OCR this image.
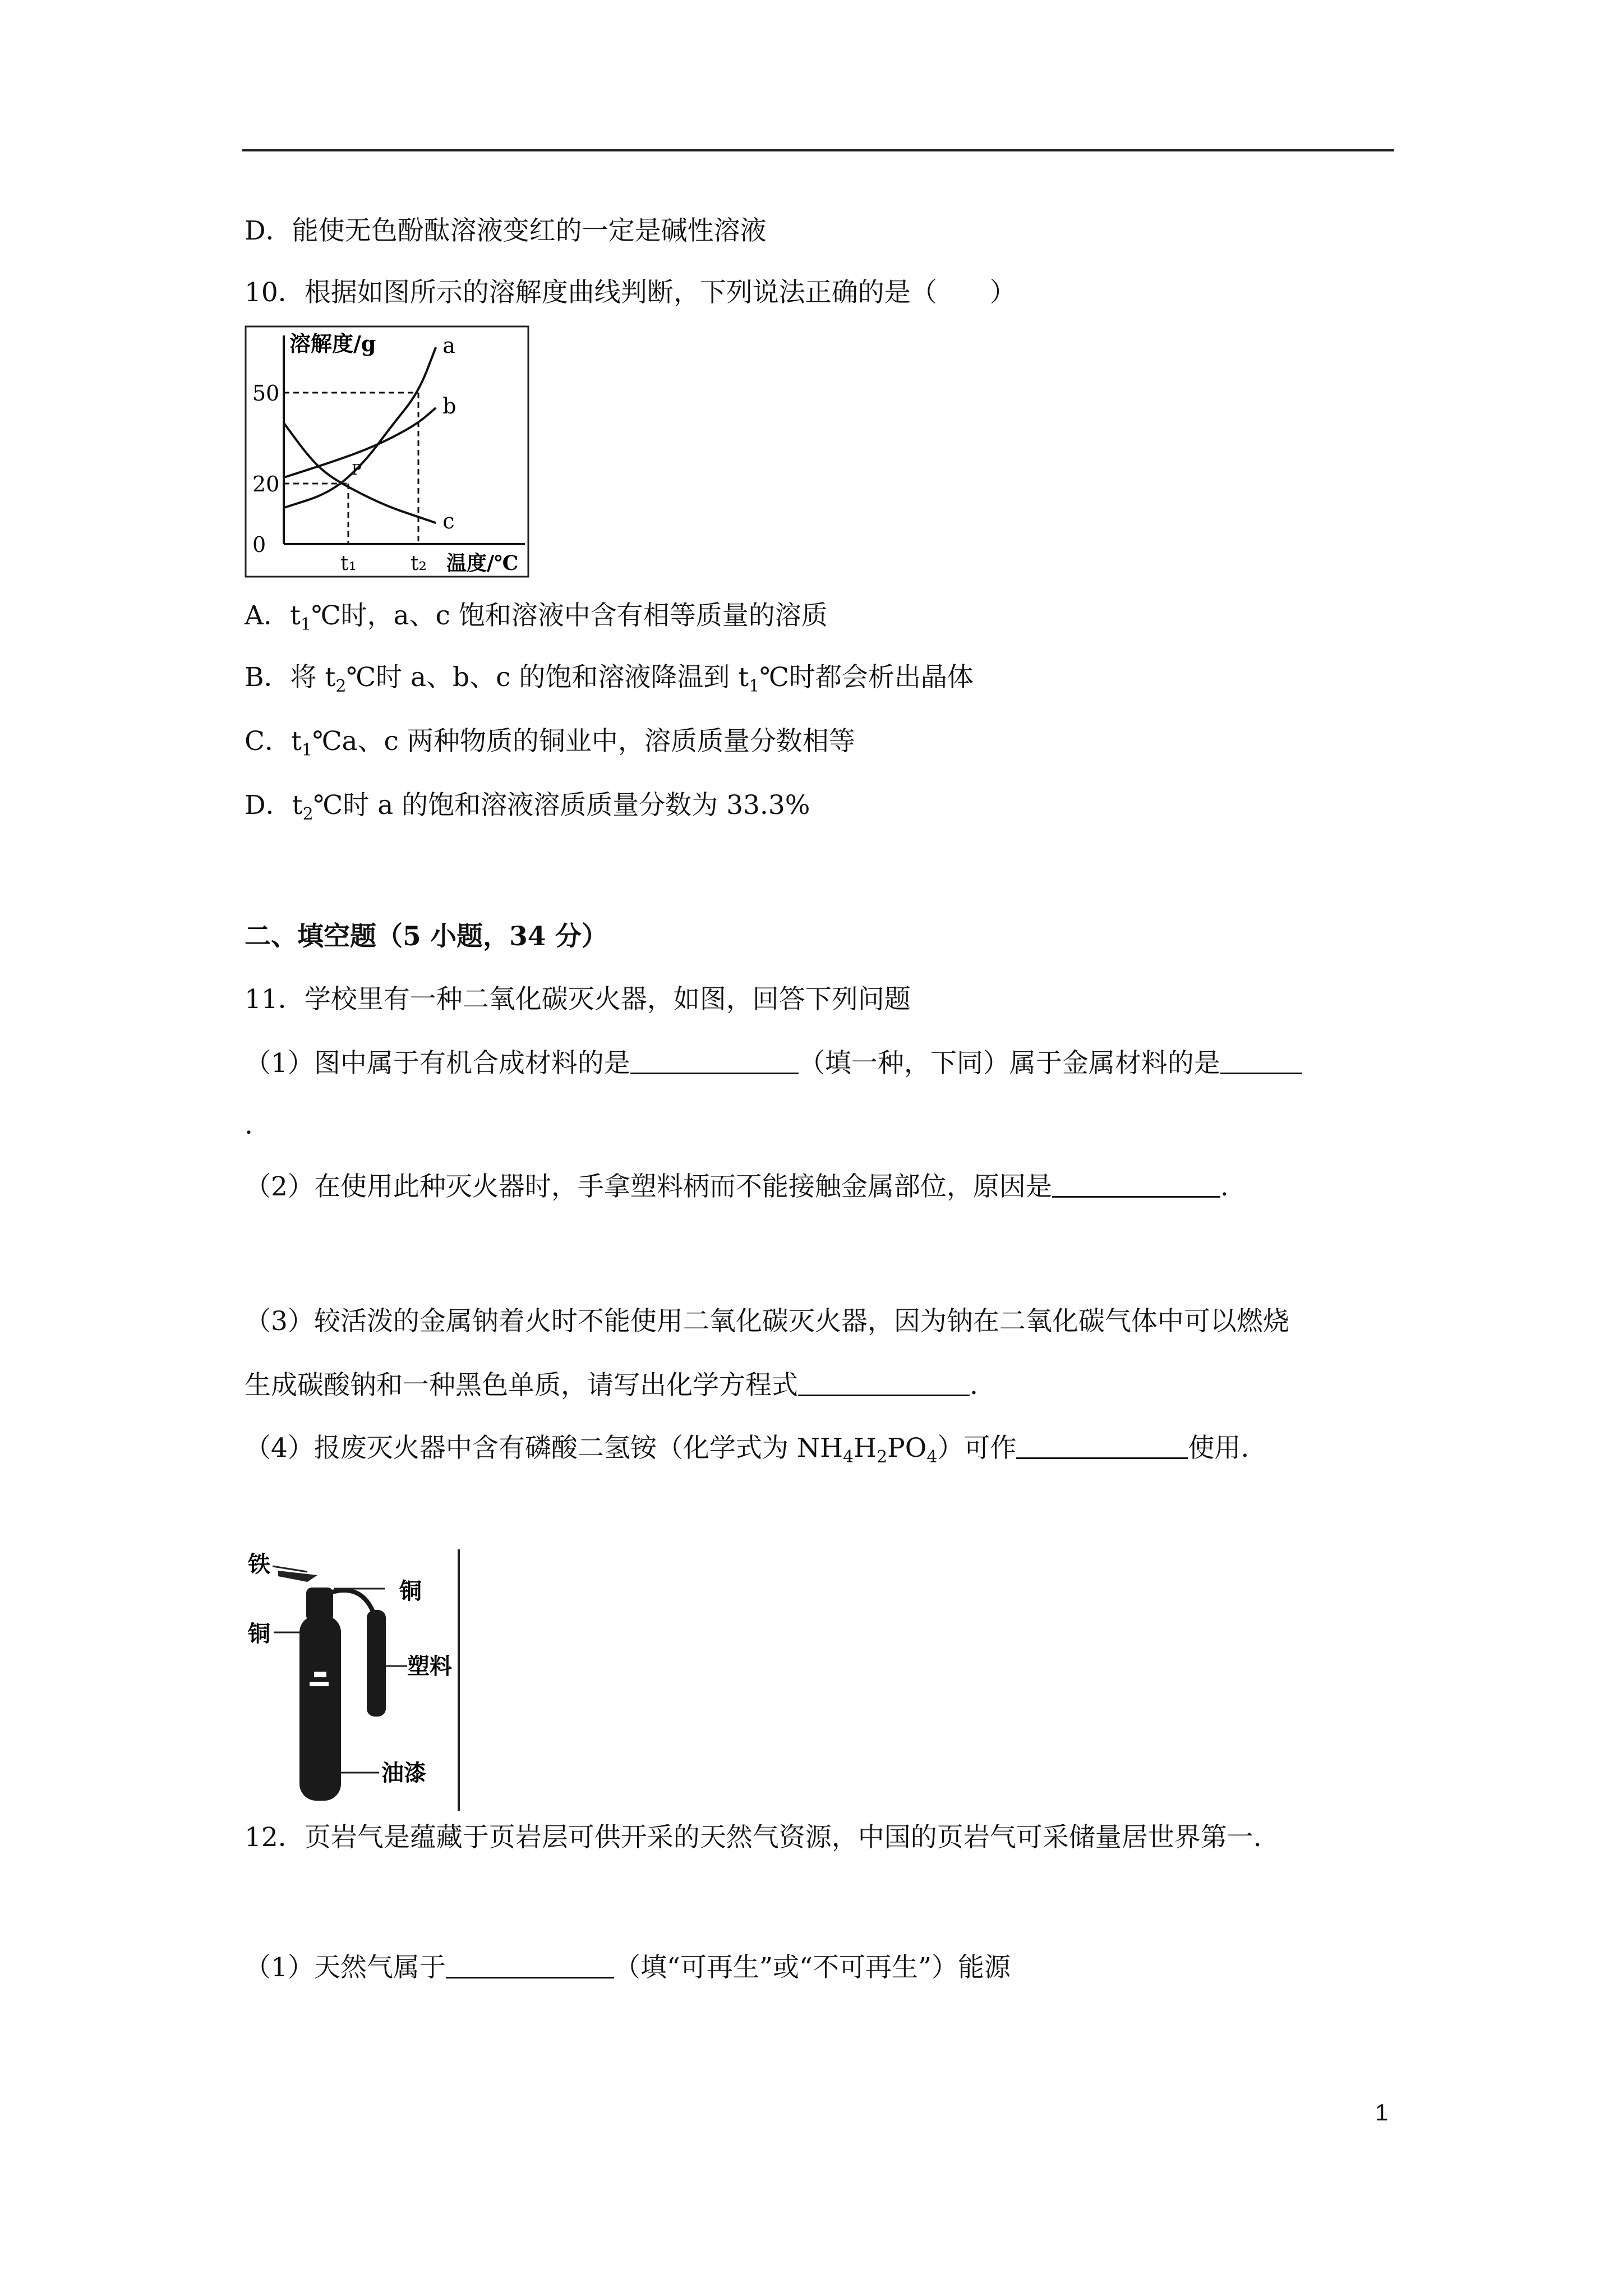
D．能使无色酚酞溶液变红的一定是碱性溶液
10．根据如图所示的溶解度曲线判断，下列说法正确的是（　　）
a
b
c
0
20
50
t₁	t₂ 温度/℃
溶解度/g
P
A．$t_1℃$时，a、c 饱和溶液中含有相等质量的溶质
B．将 $t_2℃$时 a、b、c 的饱和溶液降温到 $t_1℃$时都会析出晶体
C．$t_1℃a$、c 两种物质的铜业中，溶质质量分数相等
D．$t_2℃$时 a 的饱和溶液溶质质量分数为 33.3%
二、填空题（5 小题，34 分）
11．学校里有一种二氧化碳灭火器，如图，回答下列问题
（1）图中属于有机合成材料的是	（填一种，下同）属于金属材料的是
.
（2）在使用此种灭火器时，手拿塑料柄而不能接触金属部位，原因是	.
（3）较活泼的金属钠着火时不能使用二氧化碳灭火器，因为钠在二氧化碳气体中可以燃烧
生成碳酸钠和一种黑色单质，请写出化学方程式	.
（4）报废灭火器中含有磷酸二氢铵（化学式为 $NH_4H_2PO_4$）可作	使用.
铁
铜
铜
塑料
油漆
12．页岩气是蕴藏于页岩层可供开采的天然气资源，中国的页岩气可采储量居世界第一.
（1）天然气属于	（填“可再生”或“不可再生”）能源
1
